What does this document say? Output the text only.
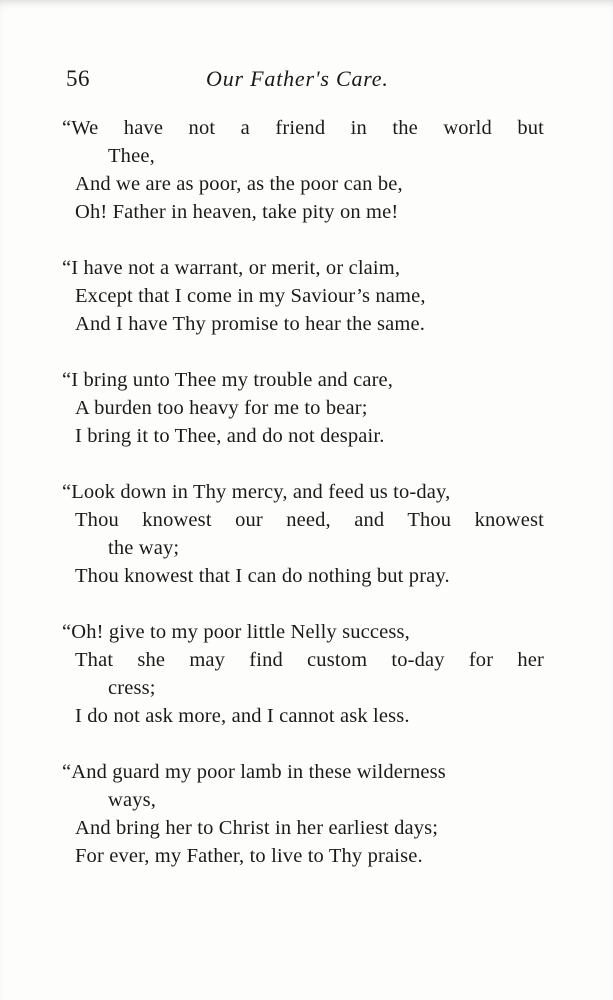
56	Our Father's Care.
“We have not a friend in the world but
Thee,
And we are as poor, as the poor can be,
Oh! Father in heaven, take pity on me!
“I have not a warrant, or merit, or claim,
Except that I come in my Saviour’s name,
And I have Thy promise to hear the same.
“I bring unto Thee my trouble and care,
A burden too heavy for me to bear;
I bring it to Thee, and do not despair.
“Look down in Thy mercy, and feed us to-day,
Thou knowest our need, and Thou knowest
the way;
Thou knowest that I can do nothing but pray.
“Oh! give to my poor little Nelly success,
That she may find custom to-day for her
cress;
I do not ask more, and I cannot ask less.
“And guard my poor lamb in these wilderness
ways,
And bring her to Christ in her earliest days;
For ever, my Father, to live to Thy praise.
